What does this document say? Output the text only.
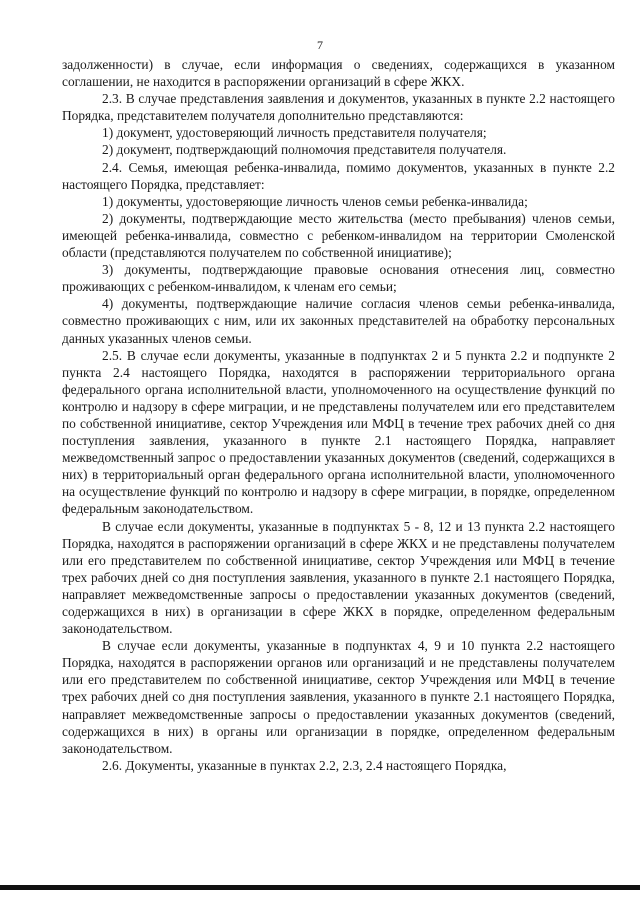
7

задолженности) в случае, если информация о сведениях, содержащихся в указанном соглашении, не находится в распоряжении организаций в сфере ЖКХ.

2.3. В случае представления заявления и документов, указанных в пункте 2.2 настоящего Порядка, представителем получателя дополнительно представляются:

1) документ, удостоверяющий личность представителя получателя;

2) документ, подтверждающий полномочия представителя получателя.

2.4. Семья, имеющая ребенка-инвалида, помимо документов, указанных в пункте 2.2 настоящего Порядка, представляет:

1) документы, удостоверяющие личность членов семьи ребенка-инвалида;

2) документы, подтверждающие место жительства (место пребывания) членов семьи, имеющей ребенка-инвалида, совместно с ребенком-инвалидом на территории Смоленской области (представляются получателем по собственной инициативе);

3) документы, подтверждающие правовые основания отнесения лиц, совместно проживающих с ребенком-инвалидом, к членам его семьи;

4) документы, подтверждающие наличие согласия членов семьи ребенка-инвалида, совместно проживающих с ним, или их законных представителей на обработку персональных данных указанных членов семьи.

2.5. В случае если документы, указанные в подпунктах 2 и 5 пункта 2.2 и подпункте 2 пункта 2.4 настоящего Порядка, находятся в распоряжении территориального органа федерального органа исполнительной власти, уполномоченного на осуществление функций по контролю и надзору в сфере миграции, и не представлены получателем или его представителем по собственной инициативе, сектор Учреждения или МФЦ в течение трех рабочих дней со дня поступления заявления, указанного в пункте 2.1 настоящего Порядка, направляет межведомственный запрос о предоставлении указанных документов (сведений, содержащихся в них) в территориальный орган федерального органа исполнительной власти, уполномоченного на осуществление функций по контролю и надзору в сфере миграции, в порядке, определенном федеральным законодательством.

В случае если документы, указанные в подпунктах 5 - 8, 12 и 13 пункта 2.2 настоящего Порядка, находятся в распоряжении организаций в сфере ЖКХ и не представлены получателем или его представителем по собственной инициативе, сектор Учреждения или МФЦ в течение трех рабочих дней со дня поступления заявления, указанного в пункте 2.1 настоящего Порядка, направляет межведомственные запросы о предоставлении указанных документов (сведений, содержащихся в них) в организации в сфере ЖКХ в порядке, определенном федеральным законодательством.

В случае если документы, указанные в подпунктах 4, 9 и 10 пункта 2.2 настоящего Порядка, находятся в распоряжении органов или организаций и не представлены получателем или его представителем по собственной инициативе, сектор Учреждения или МФЦ в течение трех рабочих дней со дня поступления заявления, указанного в пункте 2.1 настоящего Порядка, направляет межведомственные запросы о предоставлении указанных документов (сведений, содержащихся в них) в органы или организации в порядке, определенном федеральным законодательством.

2.6. Документы, указанные в пунктах 2.2, 2.3, 2.4 настоящего Порядка,
